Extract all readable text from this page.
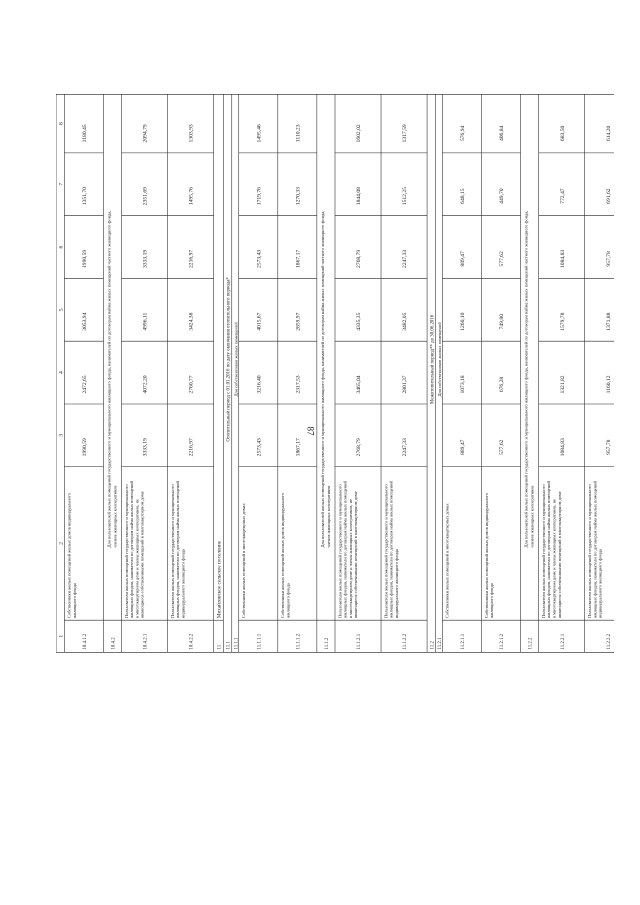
87
1
2
3
4
5
6
7
8
10.4.1.2
Собственники жилых помещений жилых домов индивидуальногожилищного фонда
1990,59
2472,65
3053,94
1990,59
1351,70
1180,45
10.4.2
Для пользователей жилых помещений государственного и муниципального жилищного фонда, нанимателей по договорам найма жилых помещений частного жилищного фонда,членов жилищных кооперативов
10.4.2.1
Пользователи жилых помещений государственного и муниципальногожилищных фондов, наниматели по договорам найма жилых помещенийв многоквартирном доме и члены жилищных кооперативов, неявляющиеся собственниками помещений в многоквартирном доме
3333,19
4072,20
4996,11
3333,19
2351,69
2094,79
10.4.2.2
Пользователи жилых помещений государственного и муниципальногожилищных фондов, наниматели по договорам найма жилых помещенийиндивидуального жилищного фонда
2216,97
2760,77
3424,38
2216,97
1495,76
1303,93
11
Михайловское сельское поселение
11.1
Отопительный период с 01.01.2016 по дату окончания отопительного периода*
11.1.1
Для собственников жилых помещений
11.1.1.1
Собственники жилых помещений в многоквартирных домах
2573,43
3216,40
4015,67
2573,43
1719,76
1495,46
11.1.1.2
Собственники жилых помещений жилых домов индивидуальногожилищного фонда
1867,17
2317,53
2859,97
1867,17
1270,33
1110,23
11.1.2
Для пользователей жилых помещений государственного и муниципального жилищного фонда, нанимателей по договорам найма жилых помещений частного жилищного фонда,членов жилищных кооперативов
11.1.2.1
Пользователи жилых помещений государственного и муниципальногожилищных фондов, наниматели по договорам найма жилых помещенийв многоквартирном доме и члены жилищных кооперативов, неявляющиеся собственниками помещений в многоквартирном доме
2768,79
3465,04
4335,35
2768,79
1844,08
1602,02
11.1.2.2
Пользователи жилых помещений государственного и муниципальногожилищных фондов, наниматели по договорам найма жилых помещенийиндивидуального жилищного фонда
2247,33
2801,37
3482,05
2247,33
1512,25
1317,59
11.2
Межотопительный период** до 30.06.2016
11.2.1
Для собственников жилых помещений
11.2.1.1
Собственники жилых помещений в многоквартирных домах
889,47
1073,18
1260,10
889,47
648,15
576,94
11.2.1.2
Собственники жилых помещений жилых домов индивидуальногожилищного фонда
577,62
676,28
749,80
577,62
449,70
406,84
11.2.2
Для пользователей жилых помещений государственного и муниципального жилищного фонда, нанимателей по договорам найма жилых помещений частного жилищного фонда,членов жилищных кооперативов
11.2.2.1
Пользователи жилых помещений государственного и муниципальногожилищных фондов, наниматели по договорам найма жилых помещенийв многоквартирном доме и члены жилищных кооперативов, неявляющиеся собственниками помещений в многоквартирном доме
1084,83
1321,82
1579,78
1084,83
772,47
683,50
11.2.2.2
Пользователи жилых помещений государственного и муниципальногожилищных фондов, наниматели по договорам найма жилых помещенийиндивидуального жилищного фонда
957,78
1160,12
1371,88
957,78
691,62
614,20
